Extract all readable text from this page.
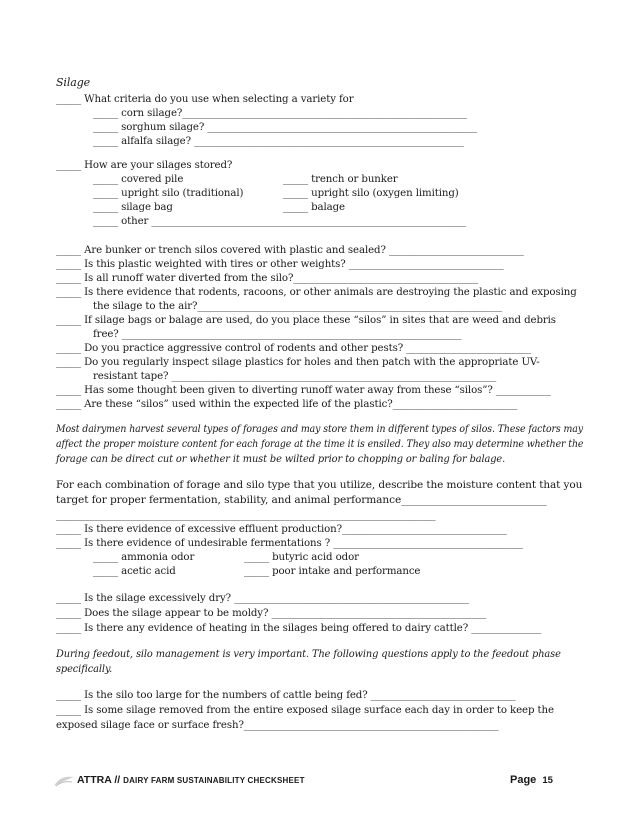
Silage
_____ What criteria do you use when selecting a variety for
_____ corn silage?_________________________________________________________
_____ sorghum silage? ______________________________________________________
_____ alfalfa silage? ______________________________________________________
_____ How are your silages stored?
_____ covered pile	_____ trench or bunker
_____ upright silo (traditional)	_____ upright silo (oxygen limiting)
_____ silage bag	_____ balage
_____ other _______________________________________________________________
_____ Are bunker or trench silos covered with plastic and sealed? ___________________________
_____ Is this plastic weighted with tires or other weights? _______________________________
_____ Is all runoff water diverted from the silo?_____________________________________
_____ Is there evidence that rodents, racoons, or other animals are destroying the plastic and exposing
the silage to the air?_____________________________________________________________
_____ If silage bags or balage are used, do you place these “silos” in sites that are weed and debris
free? ____________________________________________________________________
_____ Do you practice aggressive control of rodents and other pests? _________________________
_____ Do you regularly inspect silage plastics for holes and then patch with the appropriate UV-
resistant tape? _________________________________________________________________
_____ Has some thought been given to diverting runoff water away from these “silos”? ___________
_____ Are these “silos” used within the expected life of the plastic?_________________________
Most dairymen harvest several types of forages and may store them in different types of silos. These factors may
affect the proper moisture content for each forage at the time it is ensiled. They also may determine whether the
forage can be direct cut or whether it must be wilted prior to chopping or baling for balage.
For each combination of forage and silo type that you utilize, describe the moisture content that you
target for proper fermentation, stability, and animal performance____________________________
____________________________________________________________________________
_____ Is there evidence of excessive effluent production?_________________________________
_____ Is there evidence of undesirable fermentations ? ______________________________________
_____ ammonia odor	_____ butyric acid odor
_____ acetic acid	_____ poor intake and performance
_____ Is the silage excessively dry? _______________________________________________
_____ Does the silage appear to be moldy? ___________________________________________
_____ Is there any evidence of heating in the silages being offered to dairy cattle? ______________
During feedout, silo management is very important. The following questions apply to the feedout phase
specifically.
_____ Is the silo too large for the numbers of cattle being fed? _____________________________
_____ Is some silage removed from the entire exposed silage surface each day in order to keep the
exposed silage face or surface fresh?___________________________________________________
ATTRA // DAIRY FARM SUSTAINABILITY CHECKSHEET	Page 15
